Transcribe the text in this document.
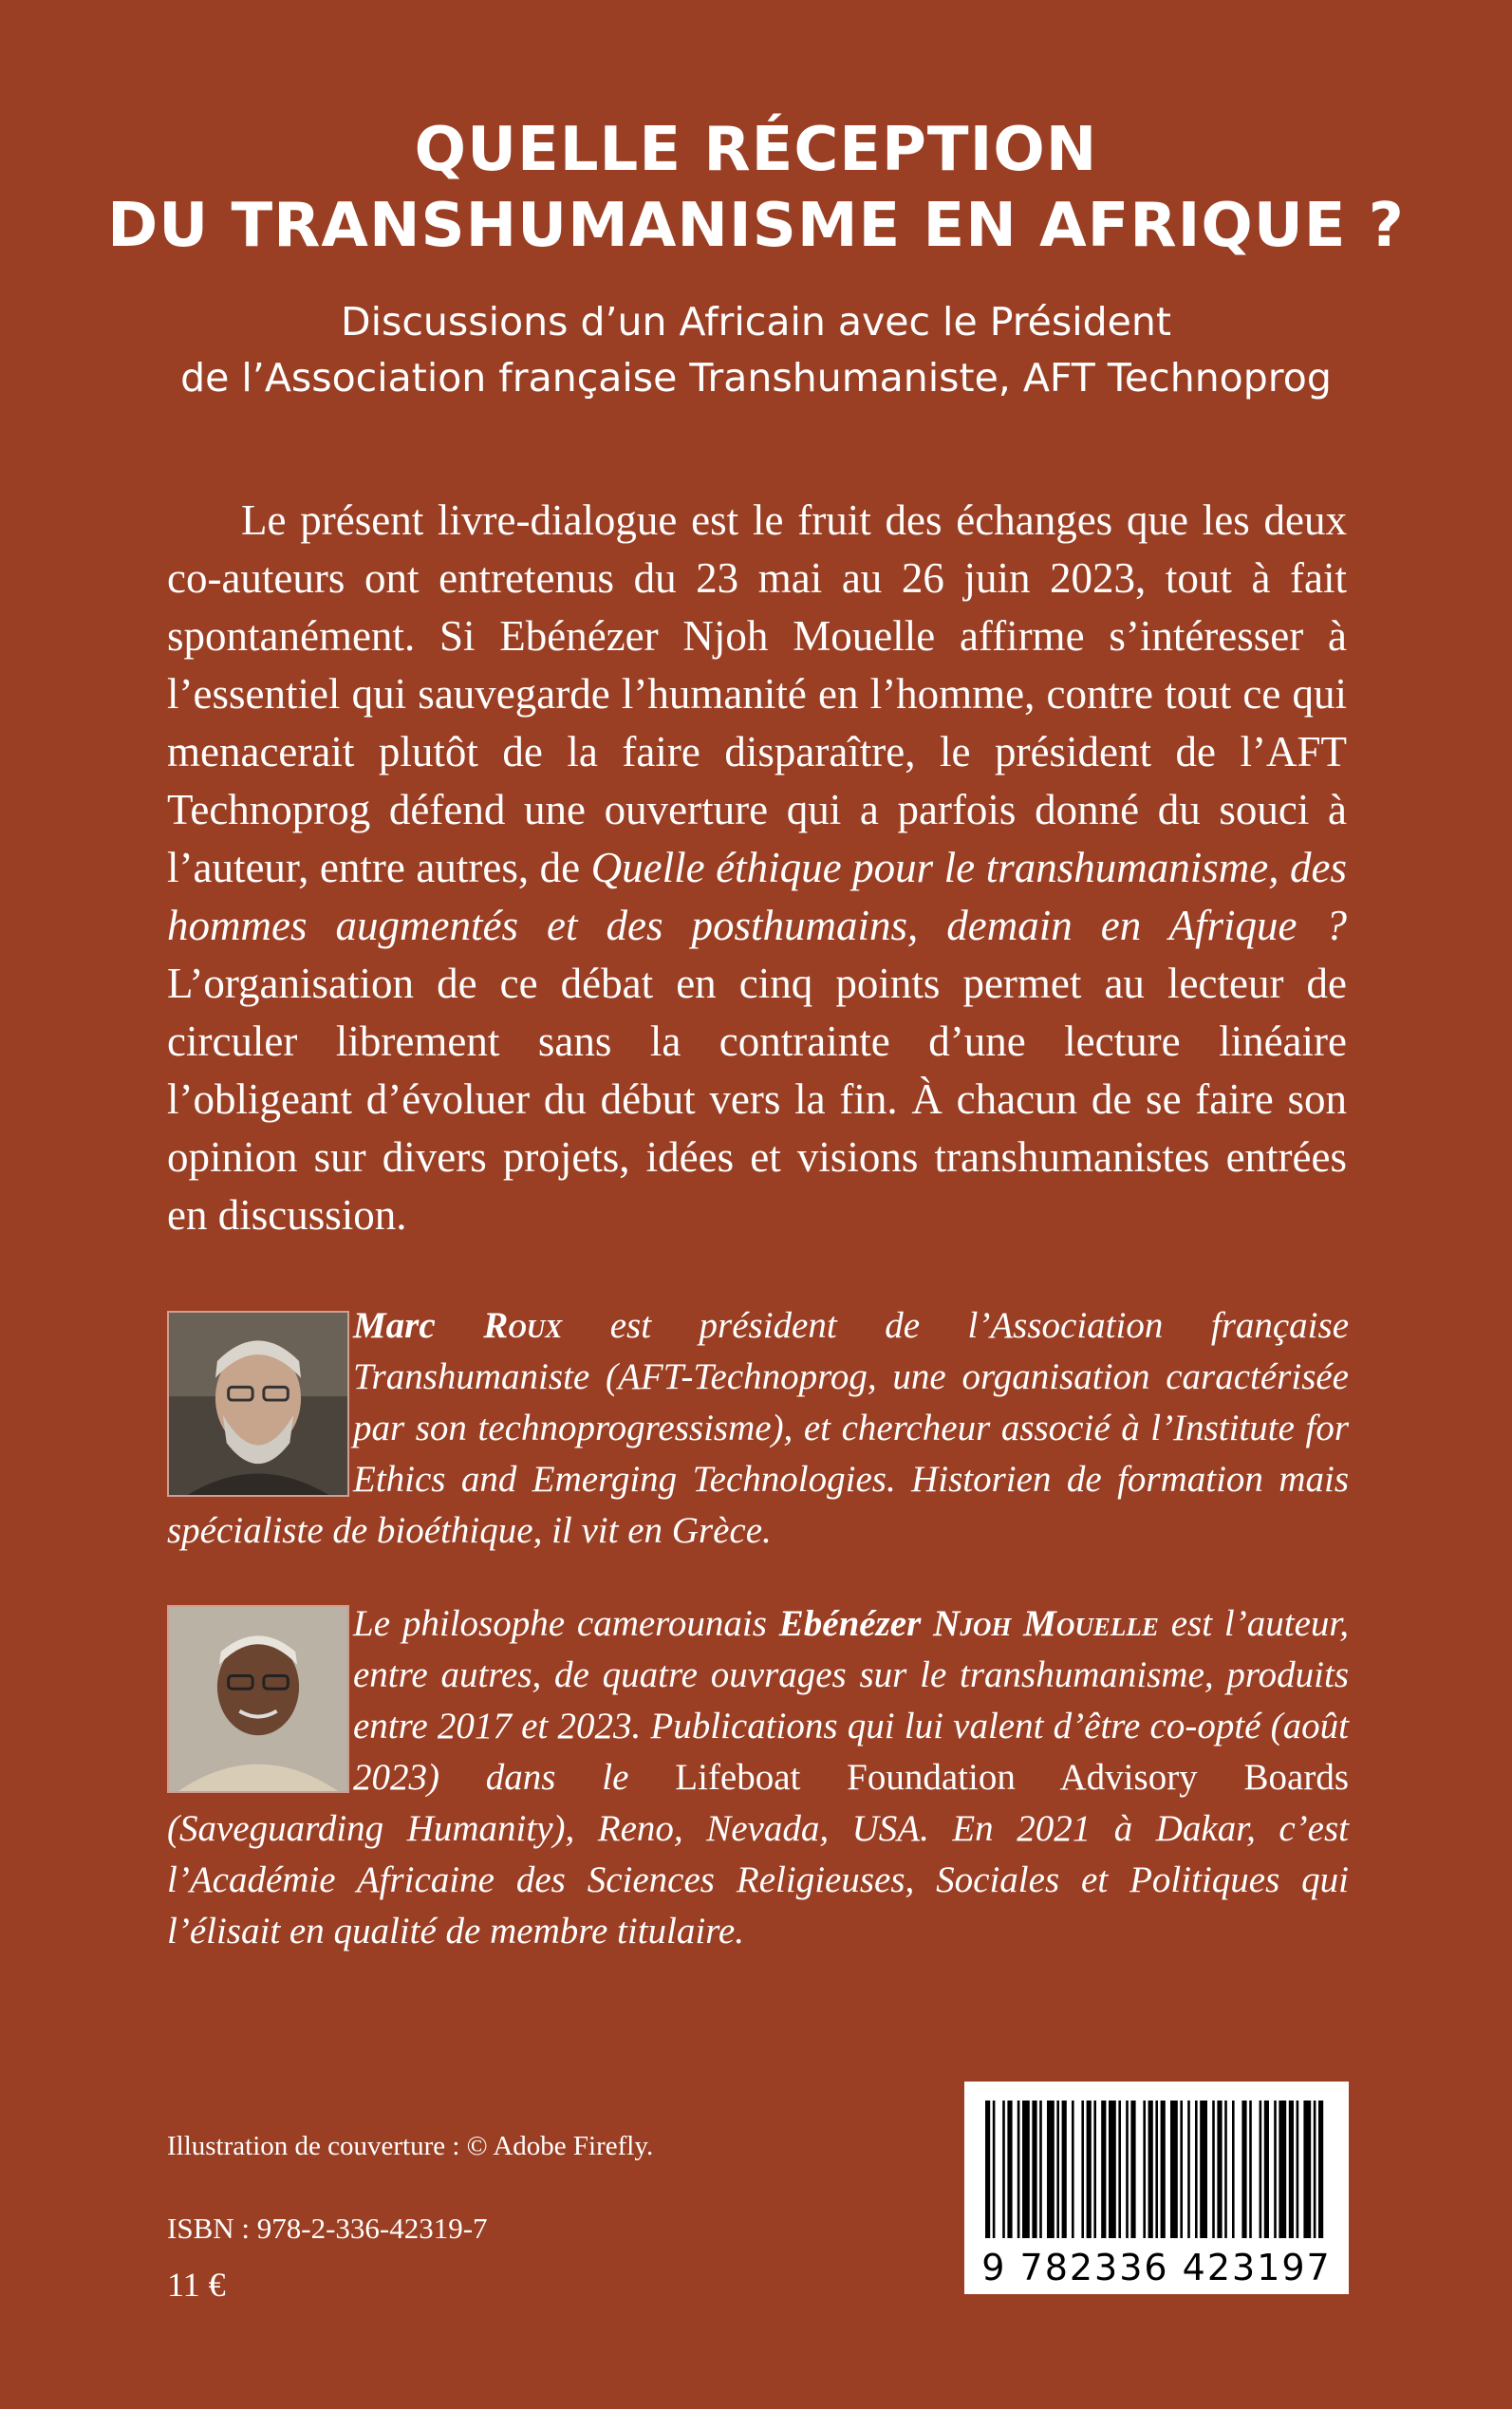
QUELLE RÉCEPTION
DU TRANSHUMANISME EN AFRIQUE ?
Discussions d’un Africain avec le Président
de l’Association française Transhumaniste, AFT Technoprog

Le présent livre-dialogue est le fruit des échanges que les deux co-auteurs ont entretenus du 23 mai au 26 juin 2023, tout à fait spontanément. Si Ebénézer Njoh Mouelle affirme s’intéresser à l’essentiel qui sauvegarde l’humanité en l’homme, contre tout ce qui menacerait plutôt de la faire disparaître, le président de l’AFT Technoprog défend une ouverture qui a parfois donné du souci à l’auteur, entre autres, de Quelle éthique pour le transhumanisme, des hommes augmentés et des posthumains, demain en Afrique ? L’organisation de ce débat en cinq points permet au lecteur de circuler librement sans la contrainte d’une lecture linéaire l’obligeant d’évoluer du début vers la fin. À chacun de se faire son opinion sur divers projets, idées et visions transhumanistes entrées en discussion.

Marc Roux est président de l’Association française Transhumaniste (AFT-Technoprog, une organisation caractérisée par son technoprogressisme), et chercheur associé à l’Institute for Ethics and Emerging Technologies. Historien de formation mais spécialiste de bioéthique, il vit en Grèce.

Le philosophe camerounais Ebénézer Njoh Mouelle est l’auteur, entre autres, de quatre ouvrages sur le transhumanisme, produits entre 2017 et 2023. Publications qui lui valent d’être co-opté (août 2023) dans le Lifeboat Foundation Advisory Boards (Saveguarding Humanity), Reno, Nevada, USA. En 2021 à Dakar, c’est l’Académie Africaine des Sciences Religieuses, Sociales et Politiques qui l’élisait en qualité de membre titulaire.

Illustration de couverture : © Adobe Firefly.
ISBN : 978-2-336-42319-7
11 €	9 782336 423197
